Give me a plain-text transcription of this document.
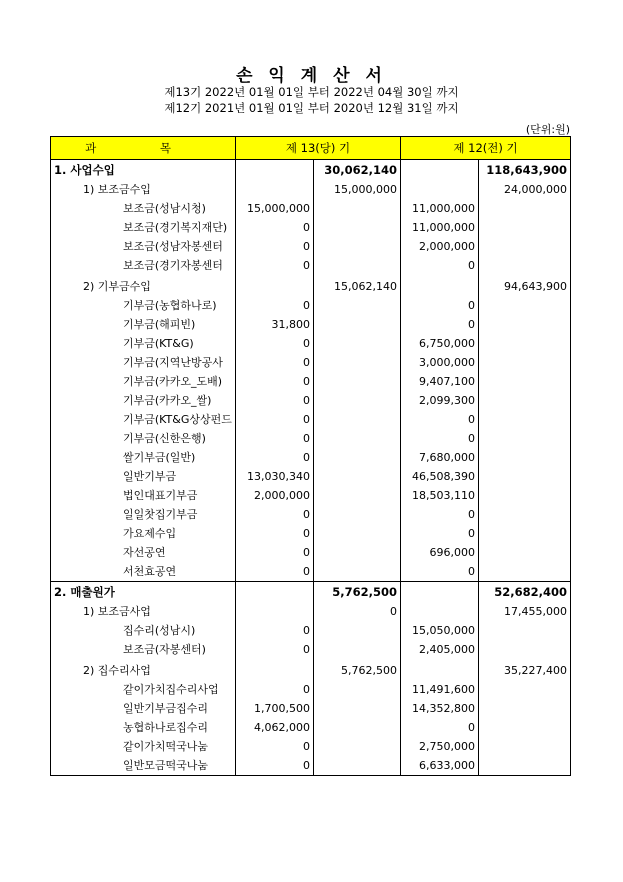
손 익 계 산 서
제13기 2022년 01월 01일 부터 2022년 04월 30일 까지
제12기 2021년 01월 01일 부터 2020년 12월 31일 까지
(단위:원)
과 목	제 13(당) 기		제 12(전) 기	
1. 사업수입		30,062,140		118,643,900
1) 보조금수입		15,000,000		24,000,000
보조금(성남시청)	15,000,000		11,000,000	
보조금(경기복지재단)	0		11,000,000	
보조금(성남자봉센터	0		2,000,000	
보조금(경기자봉센터	0		0	

2) 기부금수입		15,062,140		94,643,900
기부금(농협하나로)	0		0	
기부금(해피빈)	31,800		0	
기부금(KT&G)	0		6,750,000	
기부금(지역난방공사	0		3,000,000	
기부금(카카오_도배)	0		9,407,100	
기부금(카카오_쌀)	0		2,099,300	
기부금(KT&G상상펀드	0		0	
기부금(신한은행)	0		0	
쌀기부금(일반)	0		7,680,000	
일반기부금	13,030,340		46,508,390	
법인대표기부금	2,000,000		18,503,110	
일일찻집기부금	0		0	
가요제수입	0		0	
자선공연	0		696,000	
서천효공연	0		0	
2. 매출원가		5,762,500		52,682,400
1) 보조금사업		0		17,455,000
집수리(성남시)	0		15,050,000	
보조금(자봉센터)	0		2,405,000	

2) 집수리사업		5,762,500		35,227,400
같이가치집수리사업	0		11,491,600	
일반기부금집수리	1,700,500		14,352,800	
농협하나로집수리	4,062,000		0	
같이가치떡국나눔	0		2,750,000	
일반모금떡국나눔	0		6,633,000	
